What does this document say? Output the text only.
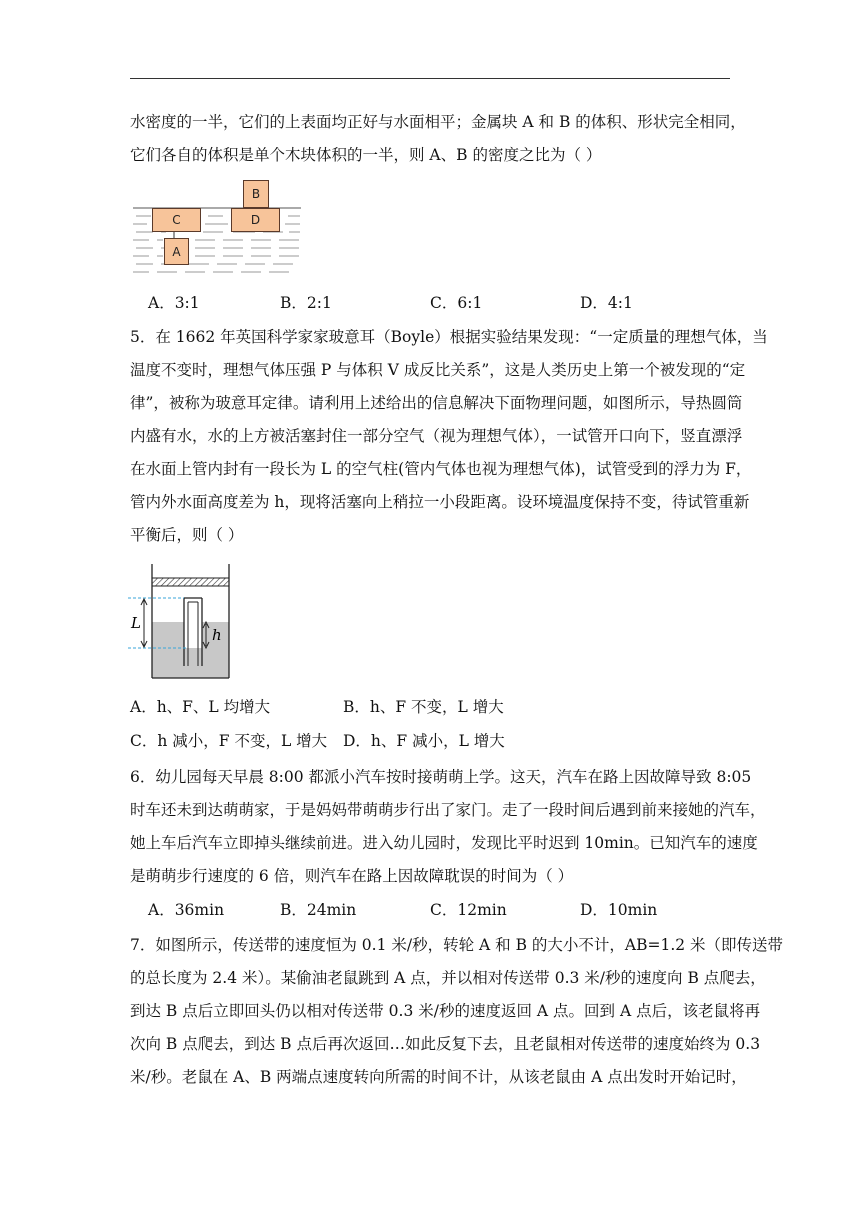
水密度的一半，它们的上表面均正好与水面相平；金属块 A 和 B 的体积、形状完全相同，
它们各自的体积是单个木块体积的一半，则 A、B 的密度之比为（ ）
C
A
D
B
A．3:1	B．2:1	C．6:1	D．4:1
5．在 1662 年英国科学家家玻意耳（Boyle）根据实验结果发现：“一定质量的理想气体，当
温度不变时，理想气体压强 P 与体积 V 成反比关系”，这是人类历史上第一个被发现的“定
律”，被称为玻意耳定律。请利用上述给出的信息解决下面物理问题，如图所示，导热圆筒
内盛有水，水的上方被活塞封住一部分空气（视为理想气体），一试管开口向下，竖直漂浮
在水面上管内封有一段长为 L 的空气柱(管内气体也视为理想气体)，试管受到的浮力为 F，
管内外水面高度差为 h，现将活塞向上稍拉一小段距离。设环境温度保持不变，待试管重新
平衡后，则（ ）
L
h
A．h、F、L 均增大	B．h、F 不变，L 增大
C．h 减小，F 不变，L 增大 D．h、F 减小，L 增大
6．幼儿园每天早晨 8:00 都派小汽车按时接萌萌上学。这天，汽车在路上因故障导致 8:05
时车还未到达萌萌家，于是妈妈带萌萌步行出了家门。走了一段时间后遇到前来接她的汽车，
她上车后汽车立即掉头继续前进。进入幼儿园时，发现比平时迟到 10min。已知汽车的速度
是萌萌步行速度的 6 倍，则汽车在路上因故障耽误的时间为（ ）
A．36min	B．24min	C．12min	D．10min
7．如图所示，传送带的速度恒为 0.1 米/秒，转轮 A 和 B 的大小不计，AB=1.2 米（即传送带
的总长度为 2.4 米）。某偷油老鼠跳到 A 点，并以相对传送带 0.3 米/秒的速度向 B 点爬去，
到达 B 点后立即回头仍以相对传送带 0.3 米/秒的速度返回 A 点。回到 A 点后，该老鼠将再
次向 B 点爬去，到达 B 点后再次返回…如此反复下去，且老鼠相对传送带的速度始终为 0.3
米/秒。老鼠在 A、B 两端点速度转向所需的时间不计，从该老鼠由 A 点出发时开始记时，
